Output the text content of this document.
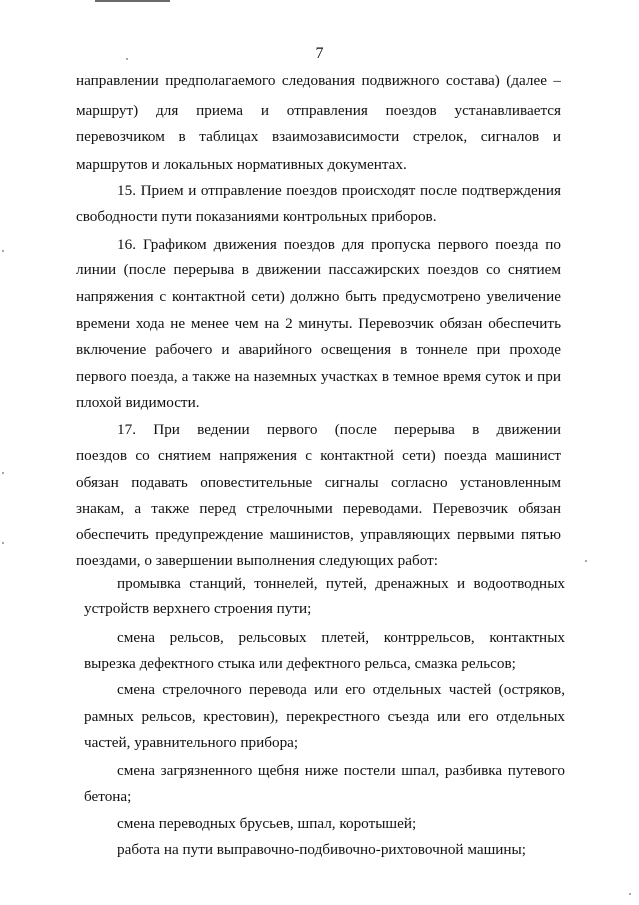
7
направлении предполагаемого следования подвижного состава) (далее –
маршрут) для приема и отправления поездов устанавливается
перевозчиком в таблицах взаимозависимости стрелок, сигналов и
маршрутов и локальных нормативных документах.
15. Прием и отправление поездов происходят после подтверждения
свободности пути показаниями контрольных приборов.
16. Графиком движения поездов для пропуска первого поезда по
линии (после перерыва в движении пассажирских поездов со снятием
напряжения с контактной сети) должно быть предусмотрено увеличение
времени хода не менее чем на 2 минуты. Перевозчик обязан обеспечить
включение рабочего и аварийного освещения в тоннеле при проходе
первого поезда, а также на наземных участках в темное время суток и при
плохой видимости.
17. При ведении первого (после перерыва в движении
поездов со снятием напряжения с контактной сети) поезда машинист
обязан подавать оповестительные сигналы согласно установленным
знакам, а также перед стрелочными переводами. Перевозчик обязан
обеспечить предупреждение машинистов, управляющих первыми пятью
поездами, о завершении выполнения следующих работ:
промывка станций, тоннелей, путей, дренажных и водоотводных
устройств верхнего строения пути;
смена рельсов, рельсовых плетей, контррельсов, контактных
вырезка дефектного стыка или дефектного рельса, смазка рельсов;
смена стрелочного перевода или его отдельных частей (остряков,
рамных рельсов, крестовин), перекрестного съезда или его отдельных
частей, уравнительного прибора;
смена загрязненного щебня ниже постели шпал, разбивка путевого
бетона;
смена переводных брусьев, шпал, коротышей;
работа на пути выправочно-подбивочно-рихтовочной машины;
